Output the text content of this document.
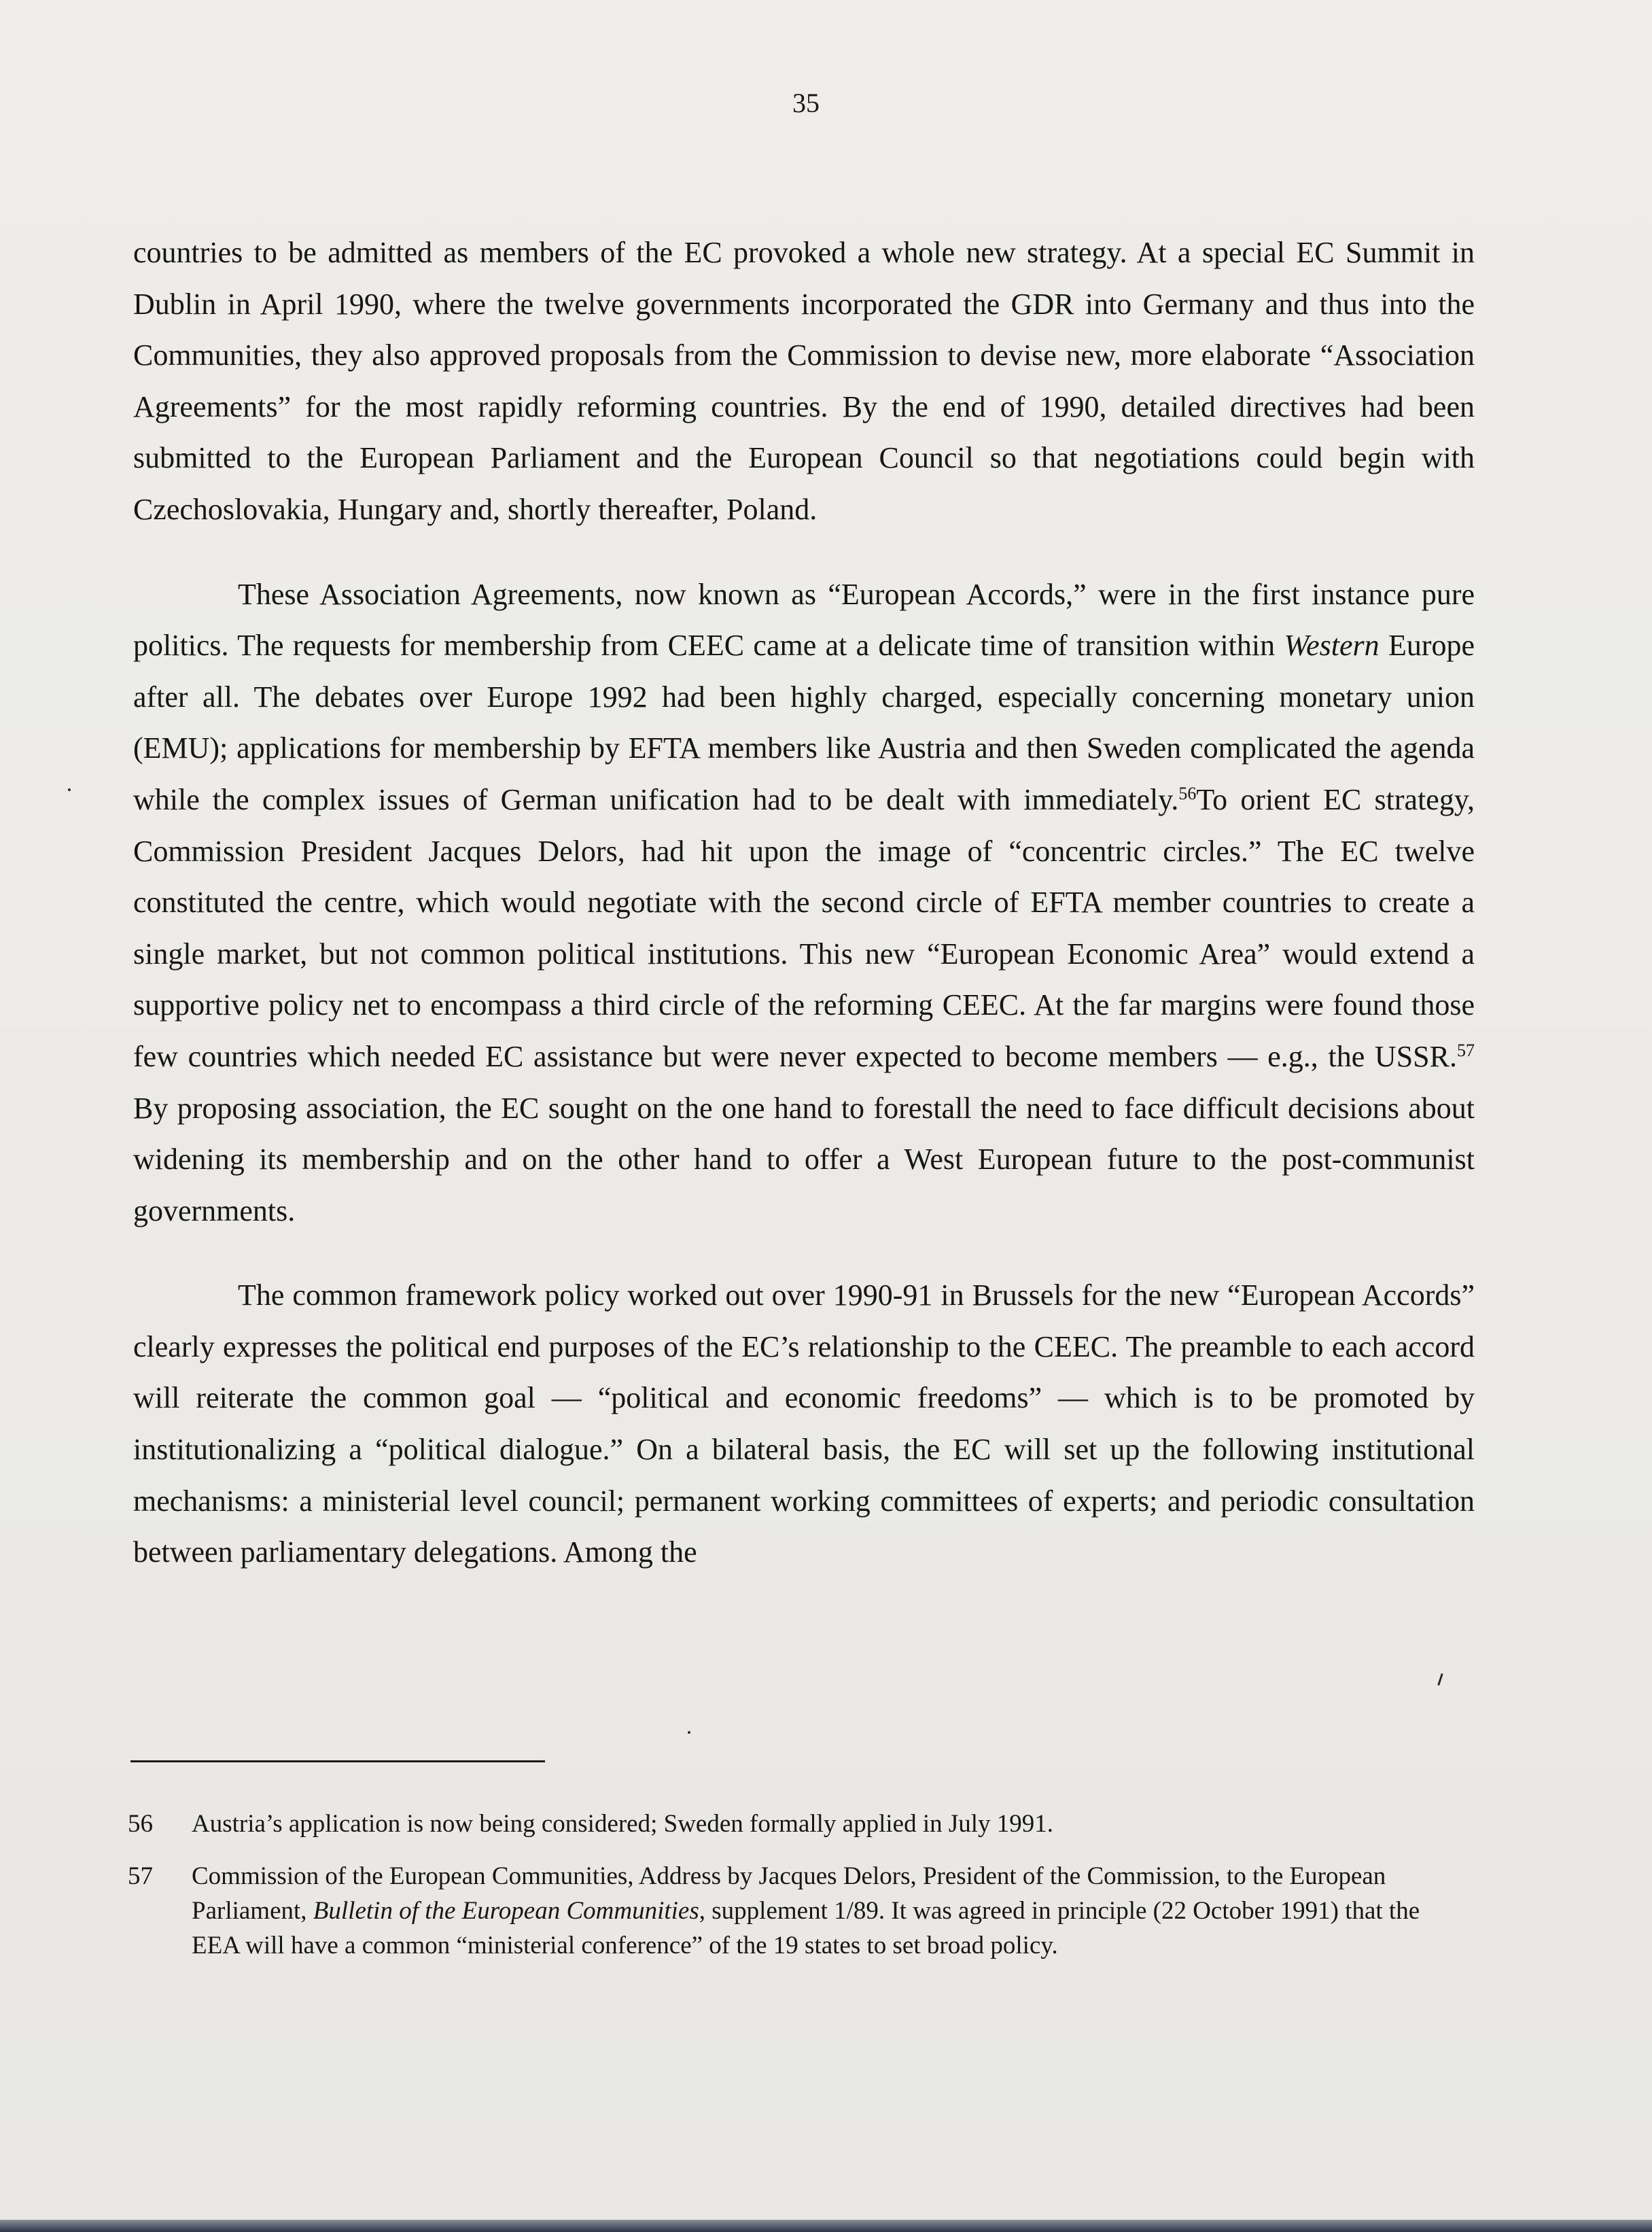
35

countries to be admitted as members of the EC provoked a whole new strategy. At a special EC Summit in Dublin in April 1990, where the twelve governments incorporated the GDR into Germany and thus into the Communities, they also approved proposals from the Commission to devise new, more elaborate “Association Agreements” for the most rapidly reforming countries. By the end of 1990, detailed directives had been submitted to the European Parliament and the European Council so that negotiations could begin with Czechoslovakia, Hungary and, shortly thereafter, Poland.

These Association Agreements, now known as “European Accords,” were in the first instance pure politics. The requests for membership from CEEC came at a delicate time of transition within Western Europe after all. The debates over Europe 1992 had been highly charged, especially concerning monetary union (EMU); applications for membership by EFTA members like Austria and then Sweden complicated the agenda while the complex issues of German unification had to be dealt with immediately.$^{56}$To orient EC strategy, Commission President Jacques Delors, had hit upon the image of “concentric circles.” The EC twelve constituted the centre, which would negotiate with the second circle of EFTA member countries to create a single market, but not common political institutions. This new “European Economic Area” would extend a supportive policy net to encompass a third circle of the reforming CEEC. At the far margins were found those few countries which needed EC assistance but were never expected to become members — e.g., the USSR.$^{57}$ By proposing association, the EC sought on the one hand to forestall the need to face difficult decisions about widening its membership and on the other hand to offer a West European future to the post-communist governments.

The common framework policy worked out over 1990-91 in Brussels for the new “European Accords” clearly expresses the political end purposes of the EC’s relationship to the CEEC. The preamble to each accord will reiterate the common goal — “political and economic freedoms” — which is to be promoted by institutionalizing a “political dialogue.” On a bilateral basis, the EC will set up the following institutional mechanisms: a ministerial level council; permanent working committees of experts; and periodic consultation between parliamentary delegations. Among the

56	Austria’s application is now being considered; Sweden formally applied in July 1991.
57	Commission of the European Communities, Address by Jacques Delors, President of the Commission, to the European Parliament, Bulletin of the European Communities, supplement 1/89. It was agreed in principle (22 October 1991) that the EEA will have a common “ministerial conference” of the 19 states to set broad policy.
